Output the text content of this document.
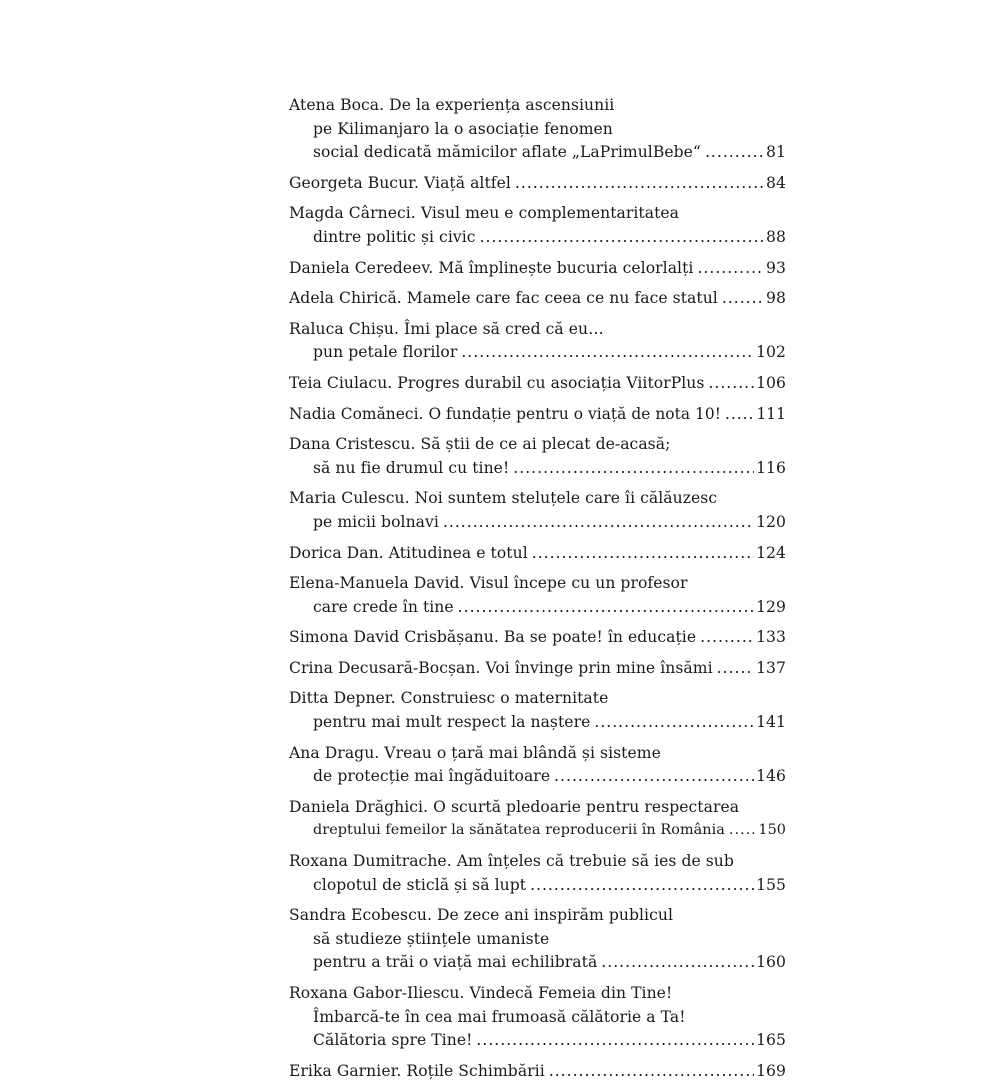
Atena Boca. De la experiența ascensiunii
pe Kilimanjaro la o asociație fenomen
social dedicată mămicilor aflate „LaPrimulBebe“ .....	81
Georgeta Bucur. Viață altfel .....	84
Magda Cârneci. Visul meu e complementaritatea
dintre politic și civic .....	88
Daniela Ceredeev. Mă împlinește bucuria celorlalți .....	93
Adela Chirică. Mamele care fac ceea ce nu face statul .....	98
Raluca Chișu. Îmi place să cred că eu…
pun petale florilor .....	102
Teia Ciulacu. Progres durabil cu asociația ViitorPlus .....	106
Nadia Comăneci. O fundație pentru o viață de nota 10! ..... 111
Dana Cristescu. Să știi de ce ai plecat de-acasă;
să nu fie drumul cu tine! .....	116
Maria Culescu. Noi suntem steluțele care îi călăuzesc
pe micii bolnavi .....	120
Dorica Dan. Atitudinea e totul .....	124
Elena-Manuela David. Visul începe cu un profesor
care crede în tine .....	129
Simona David Crisbășanu. Ba se poate! în educație .....	133
Crina Decusară-Bocșan. Voi învinge prin mine însămi .....	137
Ditta Depner. Construiesc o maternitate
pentru mai mult respect la naștere .....	141
Ana Dragu. Vreau o țară mai blândă și sisteme
de protecție mai îngăduitoare .....	146
Daniela Drăghici. O scurtă pledoarie pentru respectarea
dreptului femeilor la sănătatea reproducerii în România ..... 150
Roxana Dumitrache. Am înțeles că trebuie să ies de sub
clopotul de sticlă și să lupt .....	155
Sandra Ecobescu. De zece ani inspirăm publicul
să studieze științele umaniste
pentru a trăi o viață mai echilibrată .....	160
Roxana Gabor-Iliescu. Vindecă Femeia din Tine!
Îmbarcă-te în cea mai frumoasă călătorie a Ta!
Călătoria spre Tine! .....	165
Erika Garnier. Roțile Schimbării .....	169
